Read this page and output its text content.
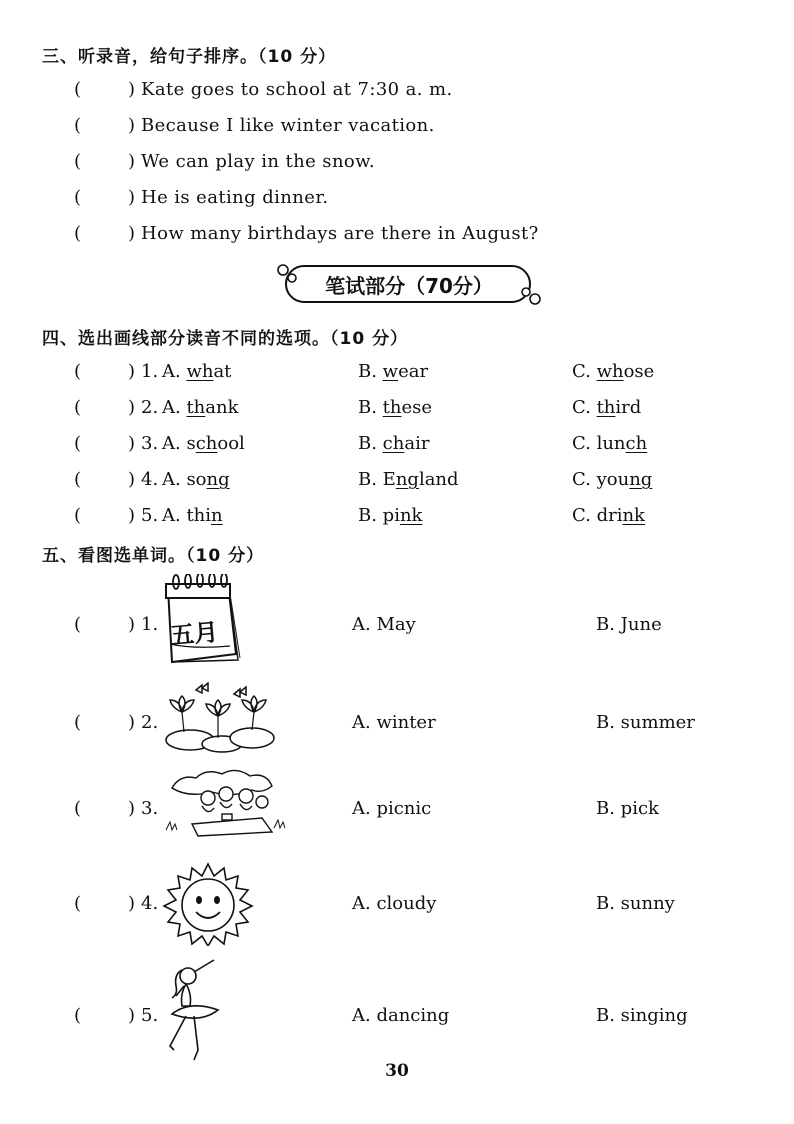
三、听录音，给句子排序。（10 分）
(	) Kate goes to school at 7:30 a. m.
(	) Because I like winter vacation.
(	) We can play in the snow.
(	) He is eating dinner.
(	) How many birthdays are there in August?
笔试部分（70分）
四、选出画线部分读音不同的选项。（10 分）
(	) 1. A. what	B. wear	C. whose
(	) 2. A. thank	B. these	C. third
(	) 3. A. school	B. chair	C. lunch
(	) 4. A. song	B. England	C. young
(	) 5. A. thin	B. pink	C. drink
五、看图选单词。（10 分）
(	) 1.	A. May	B. June
五月
(	) 2.	A. winter	B. summer
(	) 3.	A. picnic	B. pick
(	) 4.	A. cloudy	B. sunny
(	) 5.	A. dancing	B. singing
30
